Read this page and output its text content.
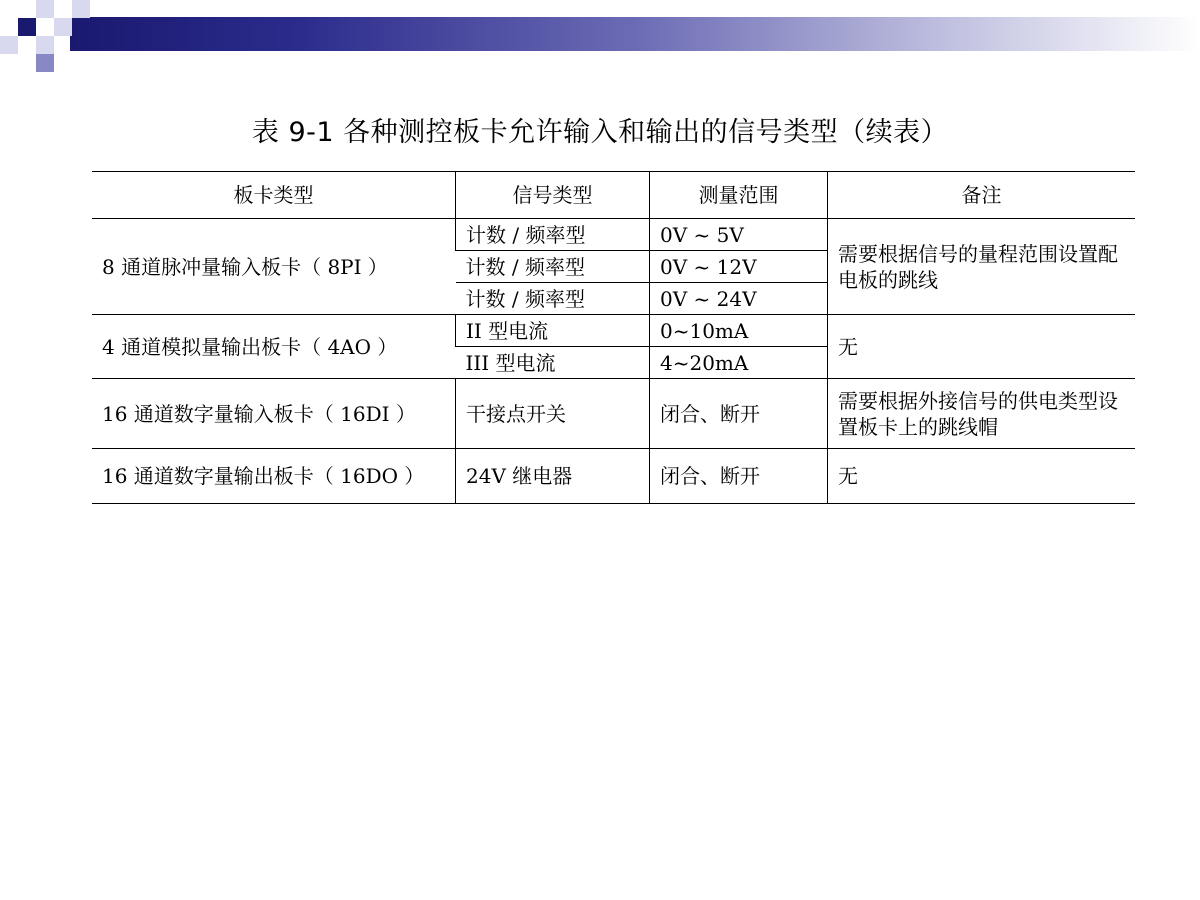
表 9-1 各种测控板卡允许输入和输出的信号类型（续表）
板卡类型	信号类型	测量范围	备注
8 通道脉冲量输入板卡（ 8PI ）	计数 / 频率型	0V ~ 5V	需要根据信号的量程范围设置配电板的跳线
	计数 / 频率型	0V ~ 12V	
	计数 / 频率型	0V ~ 24V	
4 通道模拟量输出板卡（ 4AO ）	II 型电流	0~10mA	无
	III 型电流	4~20mA	
16 通道数字量输入板卡（ 16DI ）	干接点开关	闭合、断开	需要根据外接信号的供电类型设置板卡上的跳线帽
16 通道数字量输出板卡（ 16DO ）	24V 继电器	闭合、断开	无
